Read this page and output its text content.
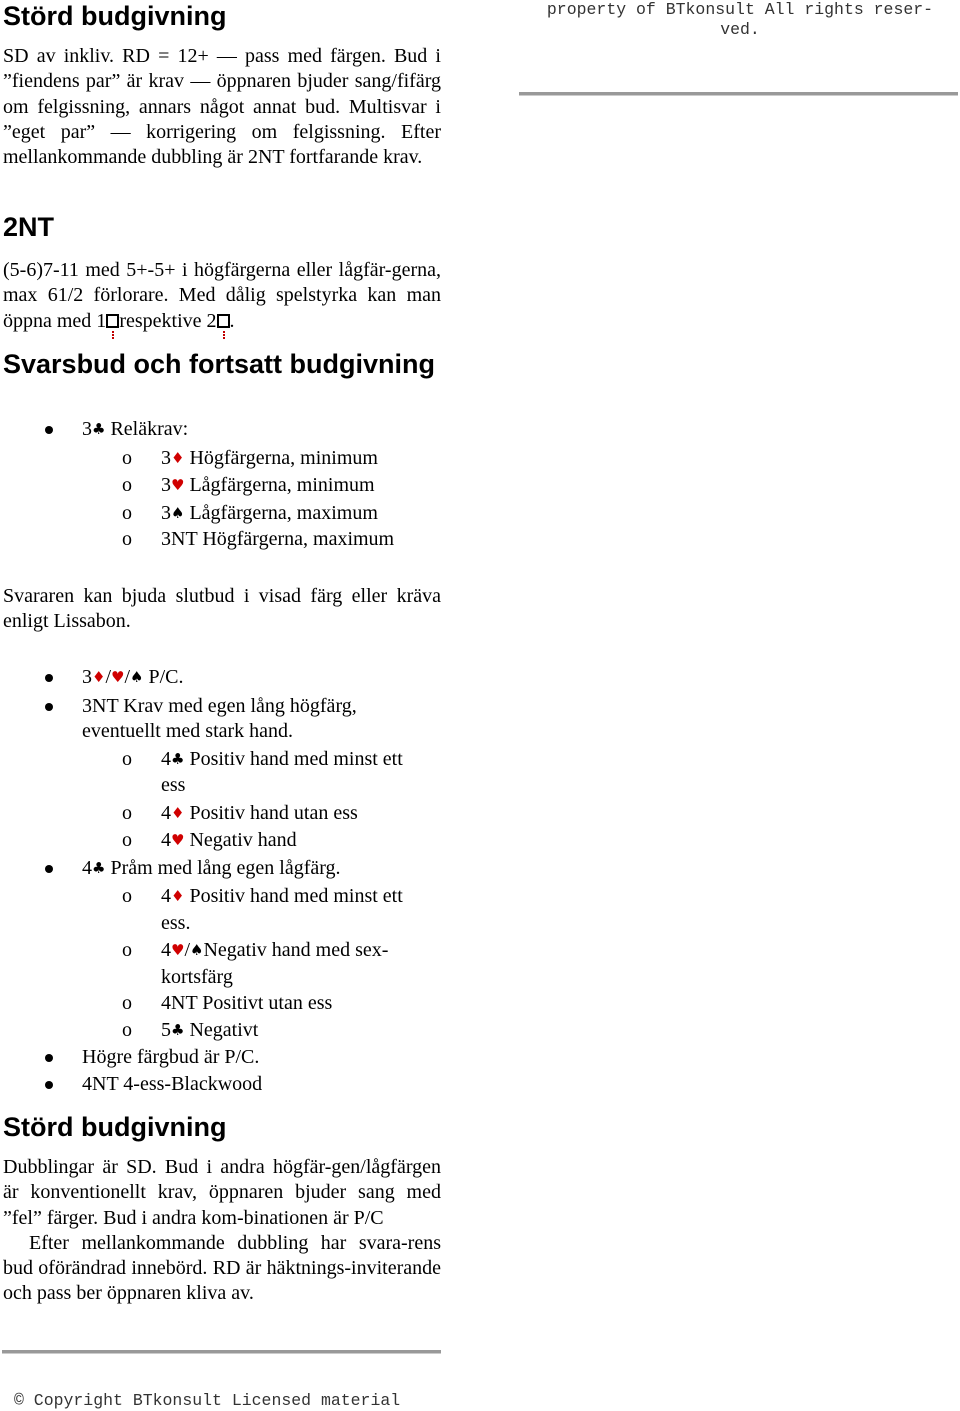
property of BTkonsult All rights reser-
ved.
Störd budgivning

SD av inkliv. RD = 12+ — pass med färgen. Bud i ”fiendens par” är krav — öppnaren bjuder sang/fifärg om felgissning, annars något annat bud. Multisvar i ”eget par” — korrigering om felgissning. Efter mellankommande dubbling är 2NT fortfarande krav.

2NT

(5-6)7-11 med 5+-5+ i högfärgerna eller lågfär-gerna, max 61/2 förlorare. Med dålig spelstyrka kan man öppna med 1 respektive 2 .

Svarsbud och fortsatt budgivning
3♣ Reläkrav:
o 3♦ Högfärgerna, minimum
o 3♥ Lågfärgerna, minimum
o 3♠ Lågfärgerna, maximum
o 3NT Högfärgerna, maximum

Svararen kan bjuda slutbud i visad färg eller kräva enligt Lissabon.

3♦/♥/♠ P/C.
3NT Krav med egen lång högfärg,
eventuellt med stark hand.
o 4♣ Positiv hand med minst ett
ess
o 4♦ Positiv hand utan ess
o 4♥ Negativ hand
4♣ Pråm med lång egen lågfärg.
o 4♦ Positiv hand med minst ett
ess.
o 4♥/♠Negativ hand med sex-
kortsfärg
o 4NT Positivt utan ess
o 5♣ Negativt
Högre färgbud är P/C.
4NT 4-ess-Blackwood
Störd budgivning

Dubblingar är SD. Bud i andra högfär-gen/lågfärgen är konventionellt krav, öppnaren bjuder sang med ”fel” färger. Bud i andra kom-binationen är P/C

Efter mellankommande dubbling har svara-rens bud oförändrad innebörd. RD är häktnings-inviterande och pass ber öppnaren kliva av.

© Copyright BTkonsult Licensed material
